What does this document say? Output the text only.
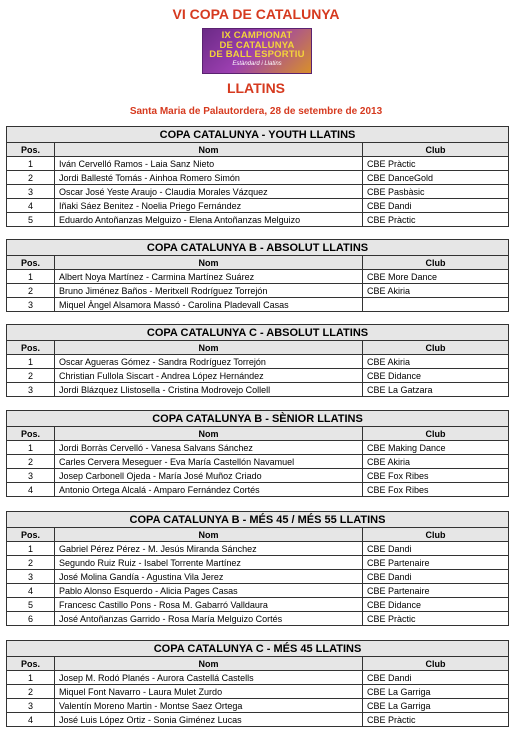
VI COPA DE CATALUNYA
IX CAMPIONAT
DE CATALUNYA
DE BALL ESPORTIU
Estàndard i Llatins
LLATINS
Santa Maria de Palautordera, 28 de setembre de 2013
COPA CATALUNYA - YOUTH LLATINS		
Pos.	Nom	Club
1	Iván Cervelló Ramos - Laia Sanz Nieto	CBE Pràctic
2	Jordi Ballesté Tomás - Ainhoa Romero Simón	CBE DanceGold
3	Oscar José Yeste Araujo - Claudia Morales Vázquez	CBE Pasbàsic
4	Iñaki Sáez Benitez - Noelia Priego Fernández	CBE Dandi
5	Eduardo Antoñanzas Melguizo - Elena Antoñanzas Melguizo	CBE Pràctic
COPA CATALUNYA B - ABSOLUT LLATINS		
Pos.	Nom	Club
1	Albert Noya Martínez - Carmina Martínez Suárez	CBE More Dance
2	Bruno Jiménez Baños - Meritxell Rodríguez Torrejón	CBE Akiria
3	Miquel Àngel Alsamora Massó - Carolina Pladevall Casas	
COPA CATALUNYA C - ABSOLUT LLATINS		
Pos.	Nom	Club
1	Oscar Agueras Gómez - Sandra Rodríguez Torrejón	CBE Akiria
2	Christian Fullola Siscart - Andrea López Hernández	CBE Didance
3	Jordi Blázquez Llistosella - Cristina Modrovejo Collell	CBE La Gatzara
COPA CATALUNYA B - SÈNIOR LLATINS		
Pos.	Nom	Club
1	Jordi Borràs Cervelló - Vanesa Salvans Sánchez	CBE Making Dance
2	Carles Cervera Meseguer - Eva María Castellón Navamuel	CBE Akiria
3	Josep Carbonell Ojeda - María José Muñoz Criado	CBE Fox Ribes
4	Antonio Ortega Alcalá - Amparo Fernández Cortés	CBE Fox Ribes
COPA CATALUNYA B - MÉS 45 / MÉS 55 LLATINS		
Pos.	Nom	Club
1	Gabriel Pérez Pérez - M. Jesús Miranda Sánchez	CBE Dandi
2	Segundo Ruiz Ruiz - Isabel Torrente Martínez	CBE Partenaire
3	José Molina Gandía - Agustina Vila Jerez	CBE Dandi
4	Pablo Alonso Esquerdo - Alicia Pages Casas	CBE Partenaire
5	Francesc Castillo Pons - Rosa M. Gabarró Valldaura	CBE Didance
6	José Antoñanzas Garrido - Rosa María Melguizo Cortés	CBE Pràctic
COPA CATALUNYA C - MÉS 45 LLATINS		
Pos.	Nom	Club
1	Josep M. Rodó Planés - Aurora Castellá Castells	CBE Dandi
2	Miquel Font Navarro - Laura Mulet Zurdo	CBE La Garriga
3	Valentín Moreno Martin - Montse Saez Ortega	CBE La Garriga
4	José Luis López Ortiz - Sonia Giménez Lucas	CBE Pràctic
